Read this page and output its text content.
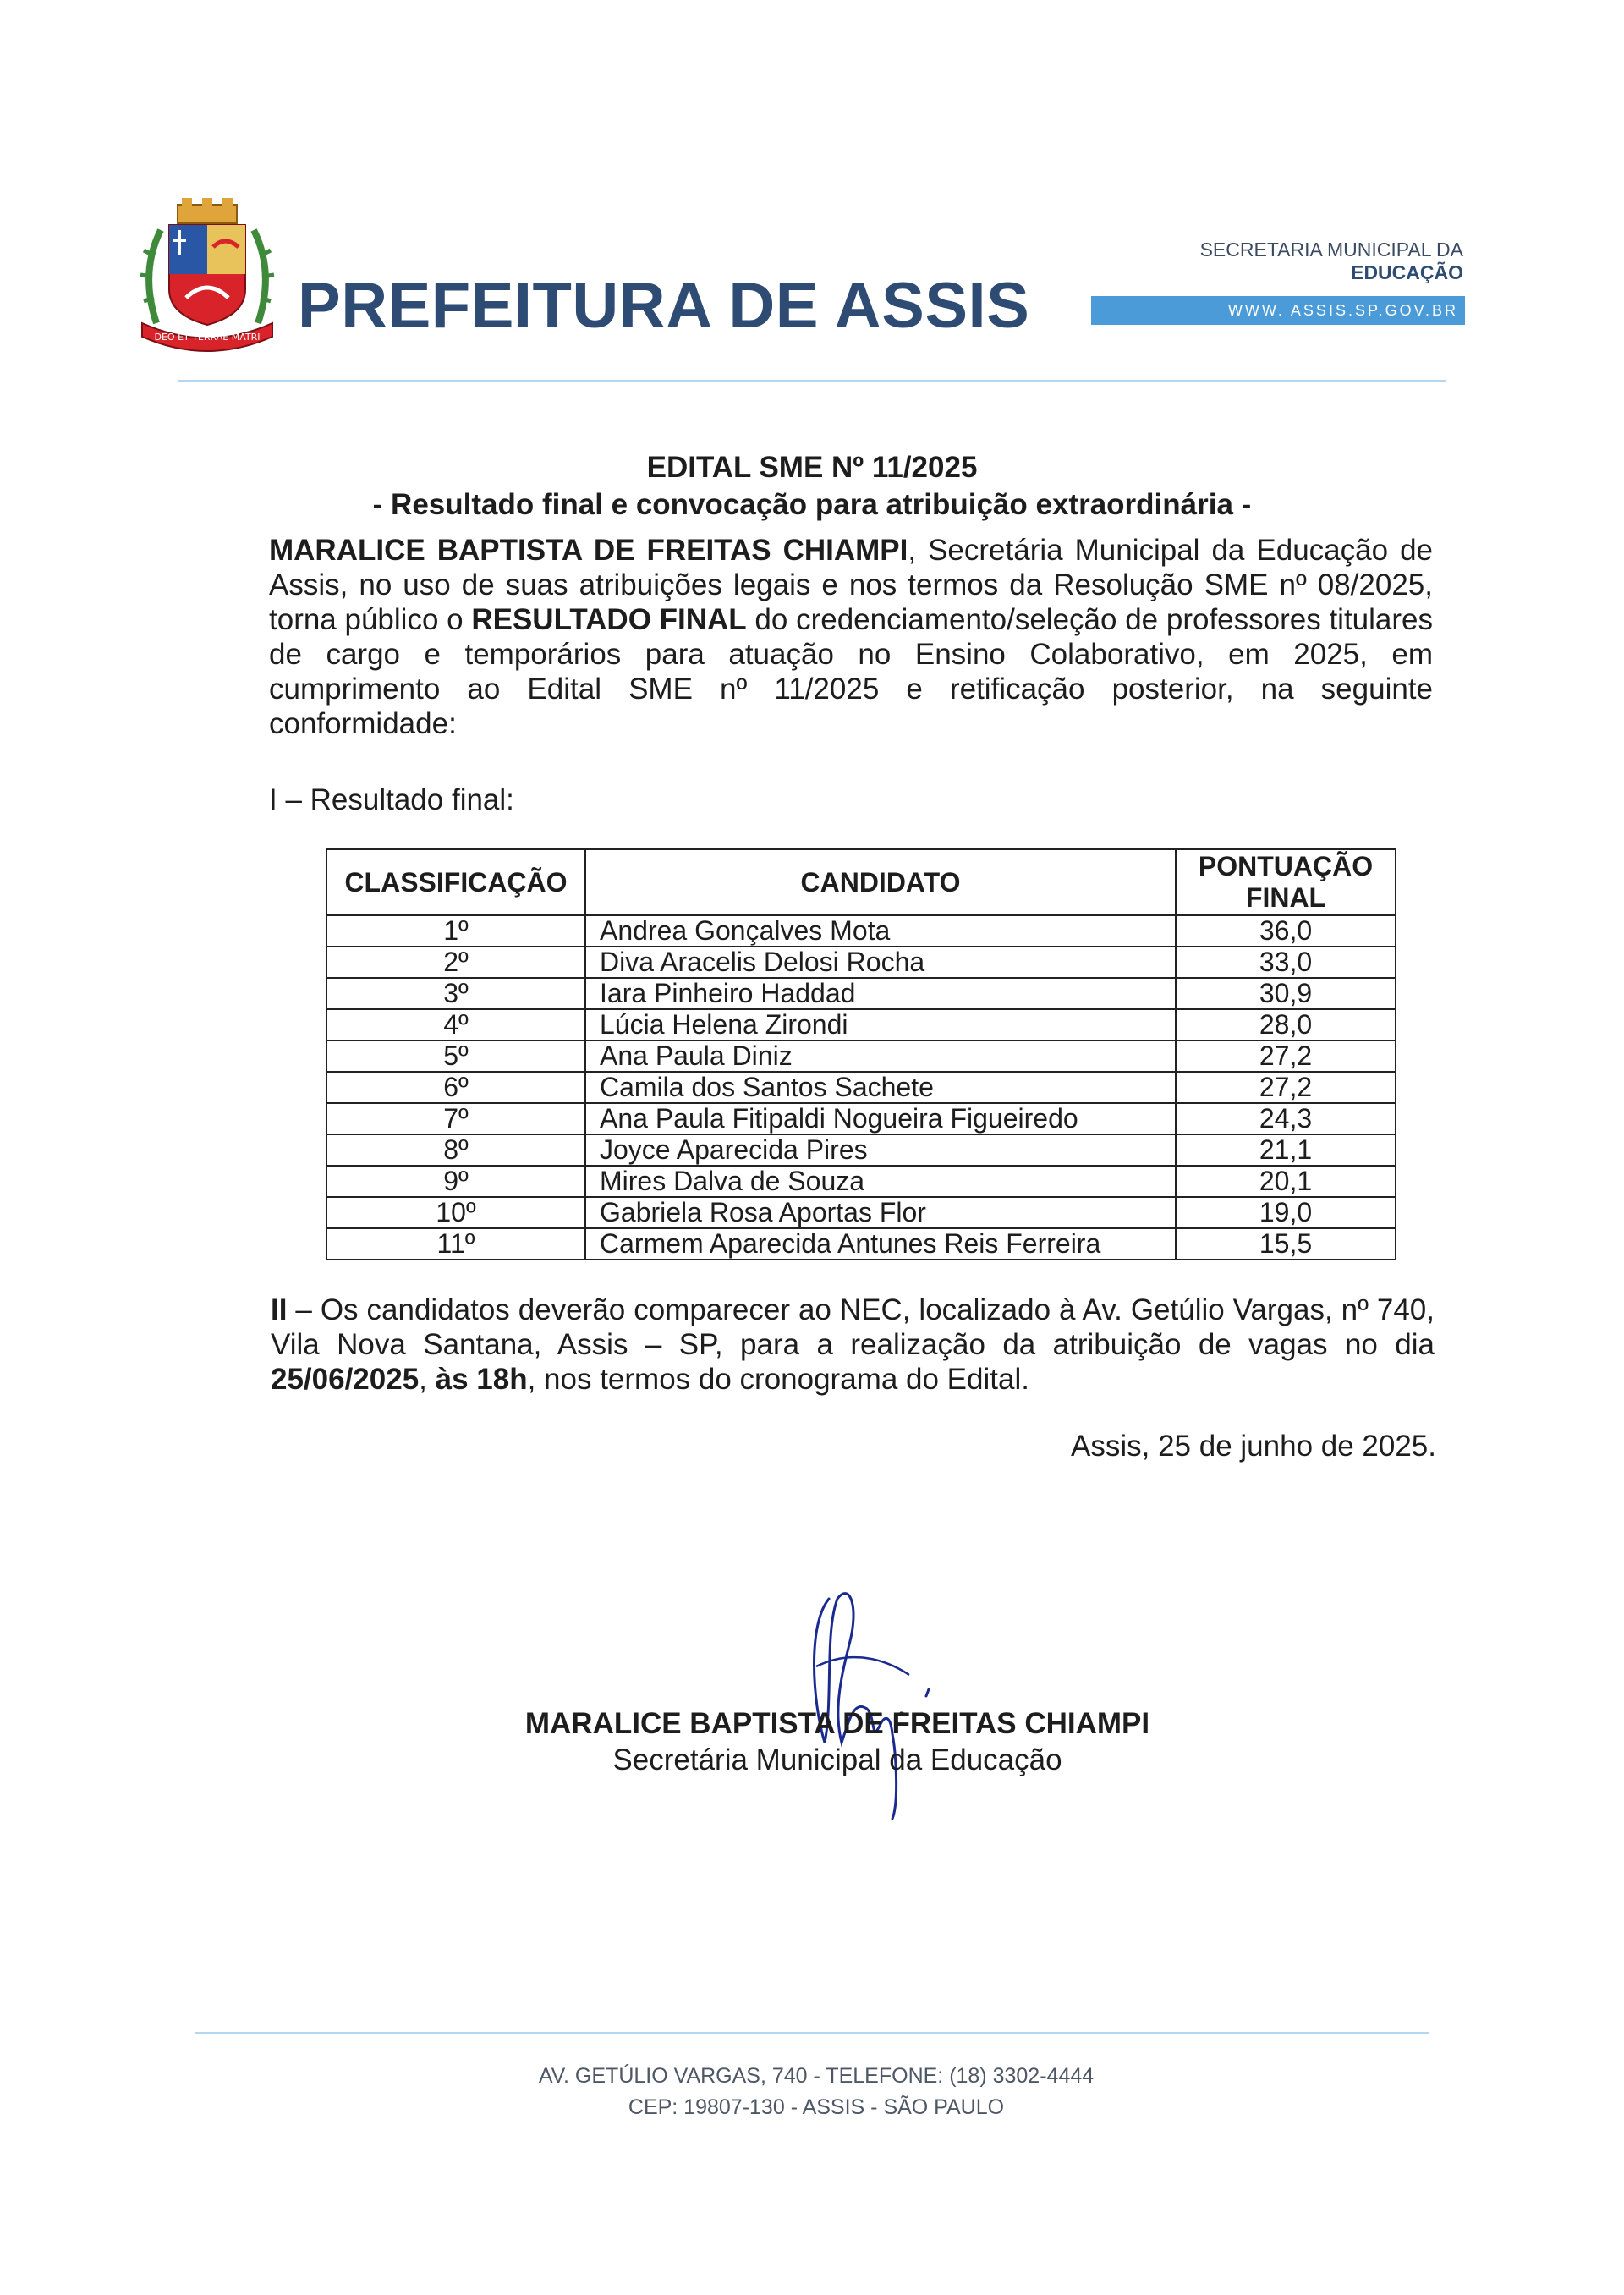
DEO ET TERRAE MATRI PREFEITURA DE ASSIS
SECRETARIA MUNICIPAL DA
EDUCAÇÃO
WWW. ASSIS.SP.GOV.BR
EDITAL SME Nº 11/2025
- Resultado final e convocação para atribuição extraordinária -
MARALICE BAPTISTA DE FREITAS CHIAMPI, Secretária Municipal da Educação de Assis, no uso de suas atribuições legais e nos termos da Resolução SME nº 08/2025, torna público o RESULTADO FINAL do credenciamento/seleção de professores titulares de cargo e temporários para atuação no Ensino Colaborativo, em 2025, em cumprimento ao Edital SME nº 11/2025 e retificação posterior, na seguinte conformidade:
I – Resultado final:
CLASSIFICAÇÃO	CANDIDATO	PONTUAÇÃO FINAL
1º	Andrea Gonçalves Mota	36,0
2º	Diva Aracelis Delosi Rocha	33,0
3º	Iara Pinheiro Haddad	30,9
4º	Lúcia Helena Zirondi	28,0
5º	Ana Paula Diniz	27,2
6º	Camila dos Santos Sachete	27,2
7º	Ana Paula Fitipaldi Nogueira Figueiredo	24,3
8º	Joyce Aparecida Pires	21,1
9º	Mires Dalva de Souza	20,1
10º	Gabriela Rosa Aportas Flor	19,0
11º	Carmem Aparecida Antunes Reis Ferreira	15,5
II – Os candidatos deverão comparecer ao NEC, localizado à Av. Getúlio Vargas, nº 740, Vila Nova Santana, Assis – SP, para a realização da atribuição de vagas no dia 25/06/2025, às 18h, nos termos do cronograma do Edital.
Assis, 25 de junho de 2025.
MARALICE BAPTISTA DE FREITAS CHIAMPI
Secretária Municipal da Educação
AV. GETÚLIO VARGAS, 740 - TELEFONE: (18) 3302-4444
CEP: 19807-130 - ASSIS - SÃO PAULO
